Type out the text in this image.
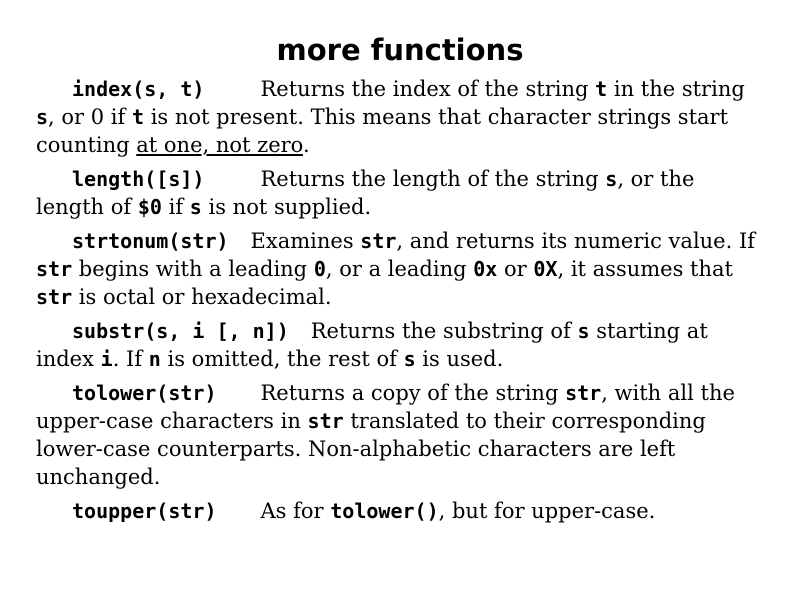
more functions

index(s, t)	Returns the index of the string t in the string s, or 0 if t is not present. This means that character strings start counting at one, not zero.

length([s])	Returns the length of the string s, or the length of $0 if s is not supplied.

strtonum(str) Examines str, and returns its numeric value. If str begins with a leading 0, or a leading 0x or 0X, it assumes that str is octal or hexadecimal.

substr(s, i [, n]) Returns the substring of s starting at index i. If n is omitted, the rest of s is used.

tolower(str) Returns a copy of the string str, with all the upper-case characters in str translated to their corresponding lower-case counterparts. Non-alphabetic characters are left unchanged.

toupper(str) As for tolower(), but for upper-case.
